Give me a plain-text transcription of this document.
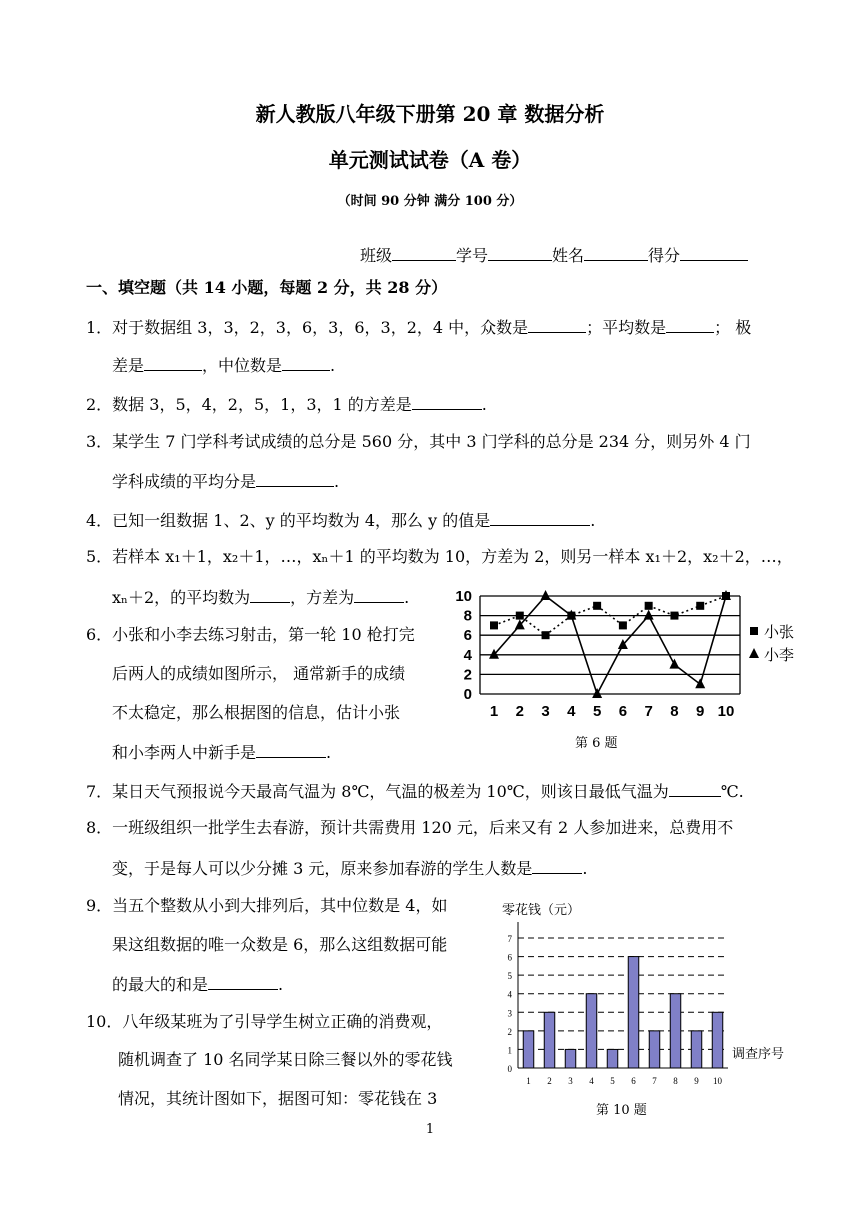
新人教版八年级下册第 20 章 数据分析
单元测试试卷（A 卷）
（时间 90 分钟 满分 100 分）
班级	学号	姓名	得分
一、填空题（共 14 小题，每题 2 分，共 28 分）
1．对于数据组 3，3，2，3，6，3，6，3，2，4 中，众数是	；平均数是	； 极
差是	，中位数是	.
2．数据 3，5，4，2，5，1，3，1 的方差是	.
3．某学生 7 门学科考试成绩的总分是 560 分，其中 3 门学科的总分是 234 分，则另外 4 门
学科成绩的平均分是	.
4．已知一组数据 1、2、y 的平均数为 4，那么 y 的值是	.
5．若样本 x₁＋1，x₂＋1，…，xₙ＋1 的平均数为 10，方差为 2，则另一样本 x₁＋2，x₂＋2，…，
xₙ＋2，的平均数为	，方差为	.
6．小张和小李去练习射击，第一轮 10 枪打完
后两人的成绩如图所示， 通常新手的成绩
不太稳定，那么根据图的信息，估计小张
和小李两人中新手是	.
0
2
4
6
8
10
1 2 3 4 5 6 7 8 9 10
小张
小李
第 6 题
7．某日天气预报说今天最高气温为 8℃，气温的极差为 10℃，则该日最低气温为	℃.
8．一班级组织一批学生去春游，预计共需费用 120 元，后来又有 2 人参加进来，总费用不
变，于是每人可以少分摊 3 元，原来参加春游的学生人数是	.
9．当五个整数从小到大排列后，其中位数是 4，如
果这组数据的唯一众数是 6，那么这组数据可能
的最大的和是	.
10．八年级某班为了引导学生树立正确的消费观，
随机调查了 10 名同学某日除三餐以外的零花钱
情况，其统计图如下，据图可知：零花钱在 3
零花钱（元）
0
1
2
3
4
5
6
7
1 2 3 4 5 6 7 8 9 10
调查序号
第 10 题
1
